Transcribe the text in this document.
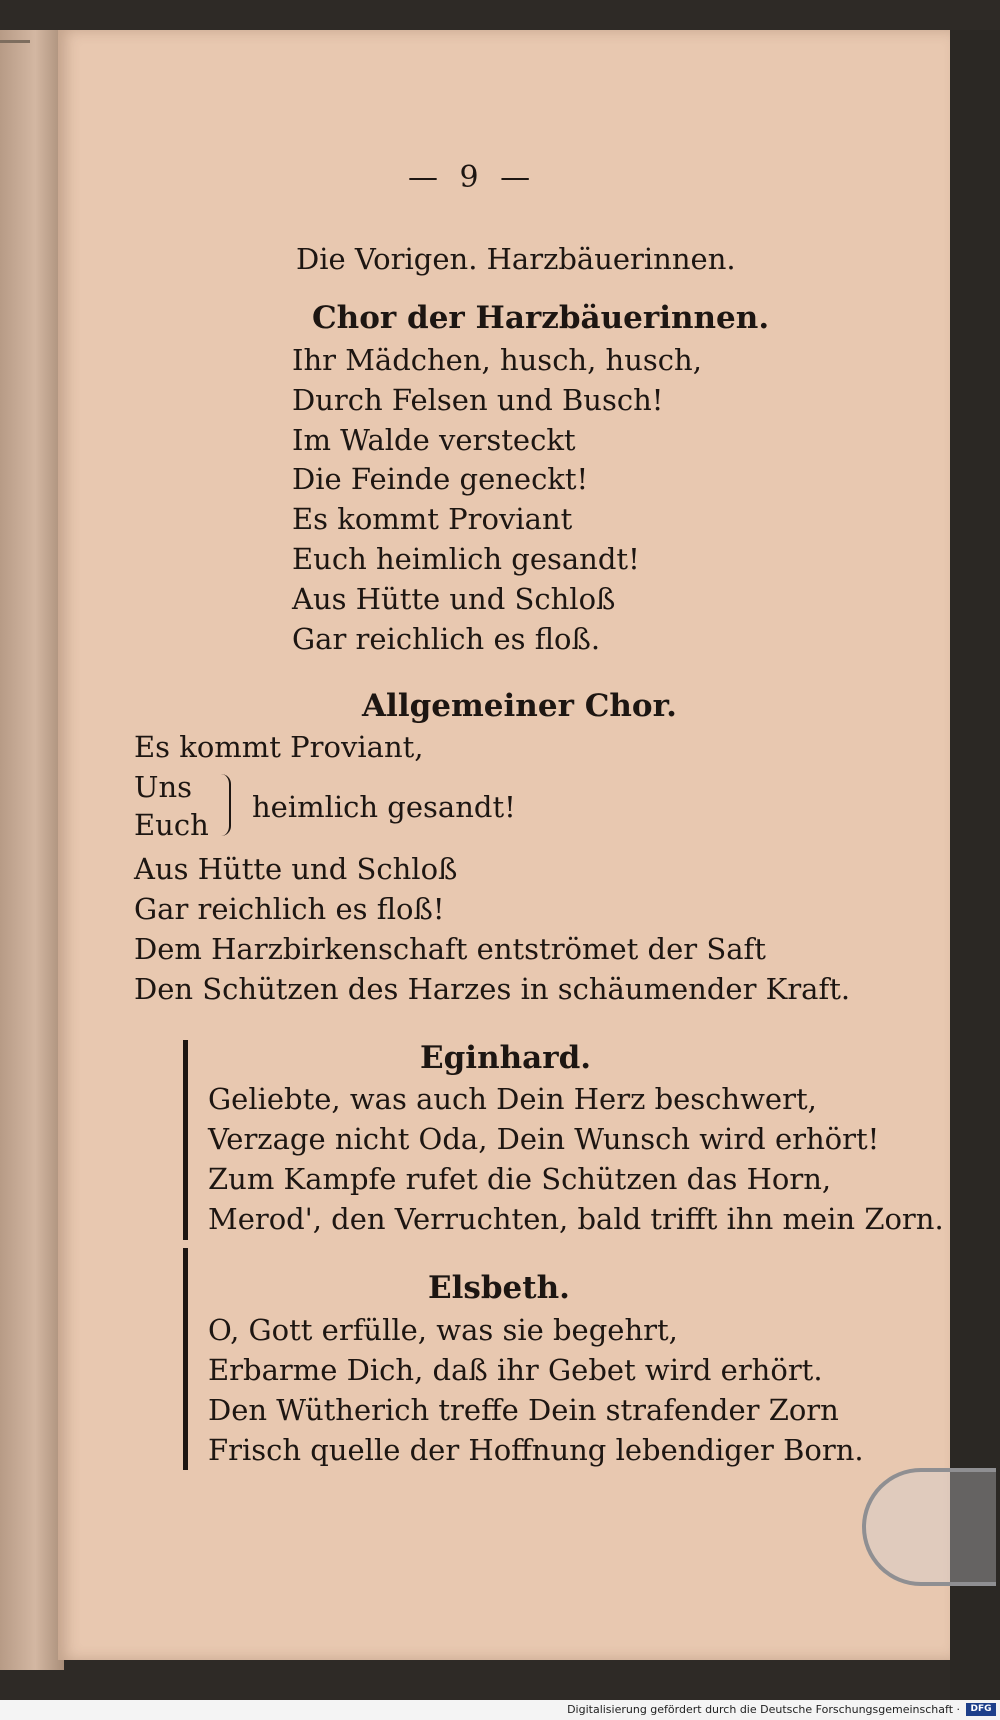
— 9 —
Die Vorigen. Harzbäuerinnen.
Chor der Harzbäuerinnen.
Ihr Mädchen, husch, husch,
Durch Felsen und Busch!
Im Walde versteckt
Die Feinde geneckt!
Es kommt Proviant
Euch heimlich gesandt!
Aus Hütte und Schloß
Gar reichlich es floß.
Allgemeiner Chor.
Es kommt Proviant,
Uns
Euch
heimlich gesandt!
Aus Hütte und Schloß
Gar reichlich es floß!
Dem Harzbirkenschaft entströmet der Saft
Den Schützen des Harzes in schäumender Kraft.
Eginhard.
Geliebte, was auch Dein Herz beschwert,
Verzage nicht Oda, Dein Wunsch wird erhört!
Zum Kampfe rufet die Schützen das Horn,
Merod', den Verruchten, bald trifft ihn mein Zorn.
Elsbeth.
O, Gott erfülle, was sie begehrt,
Erbarme Dich, daß ihr Gebet wird erhört.
Den Wütherich treffe Dein strafender Zorn
Frisch quelle der Hoffnung lebendiger Born.
Digitalisierung gefördert durch die Deutsche Forschungsgemeinschaft ·	DFG
